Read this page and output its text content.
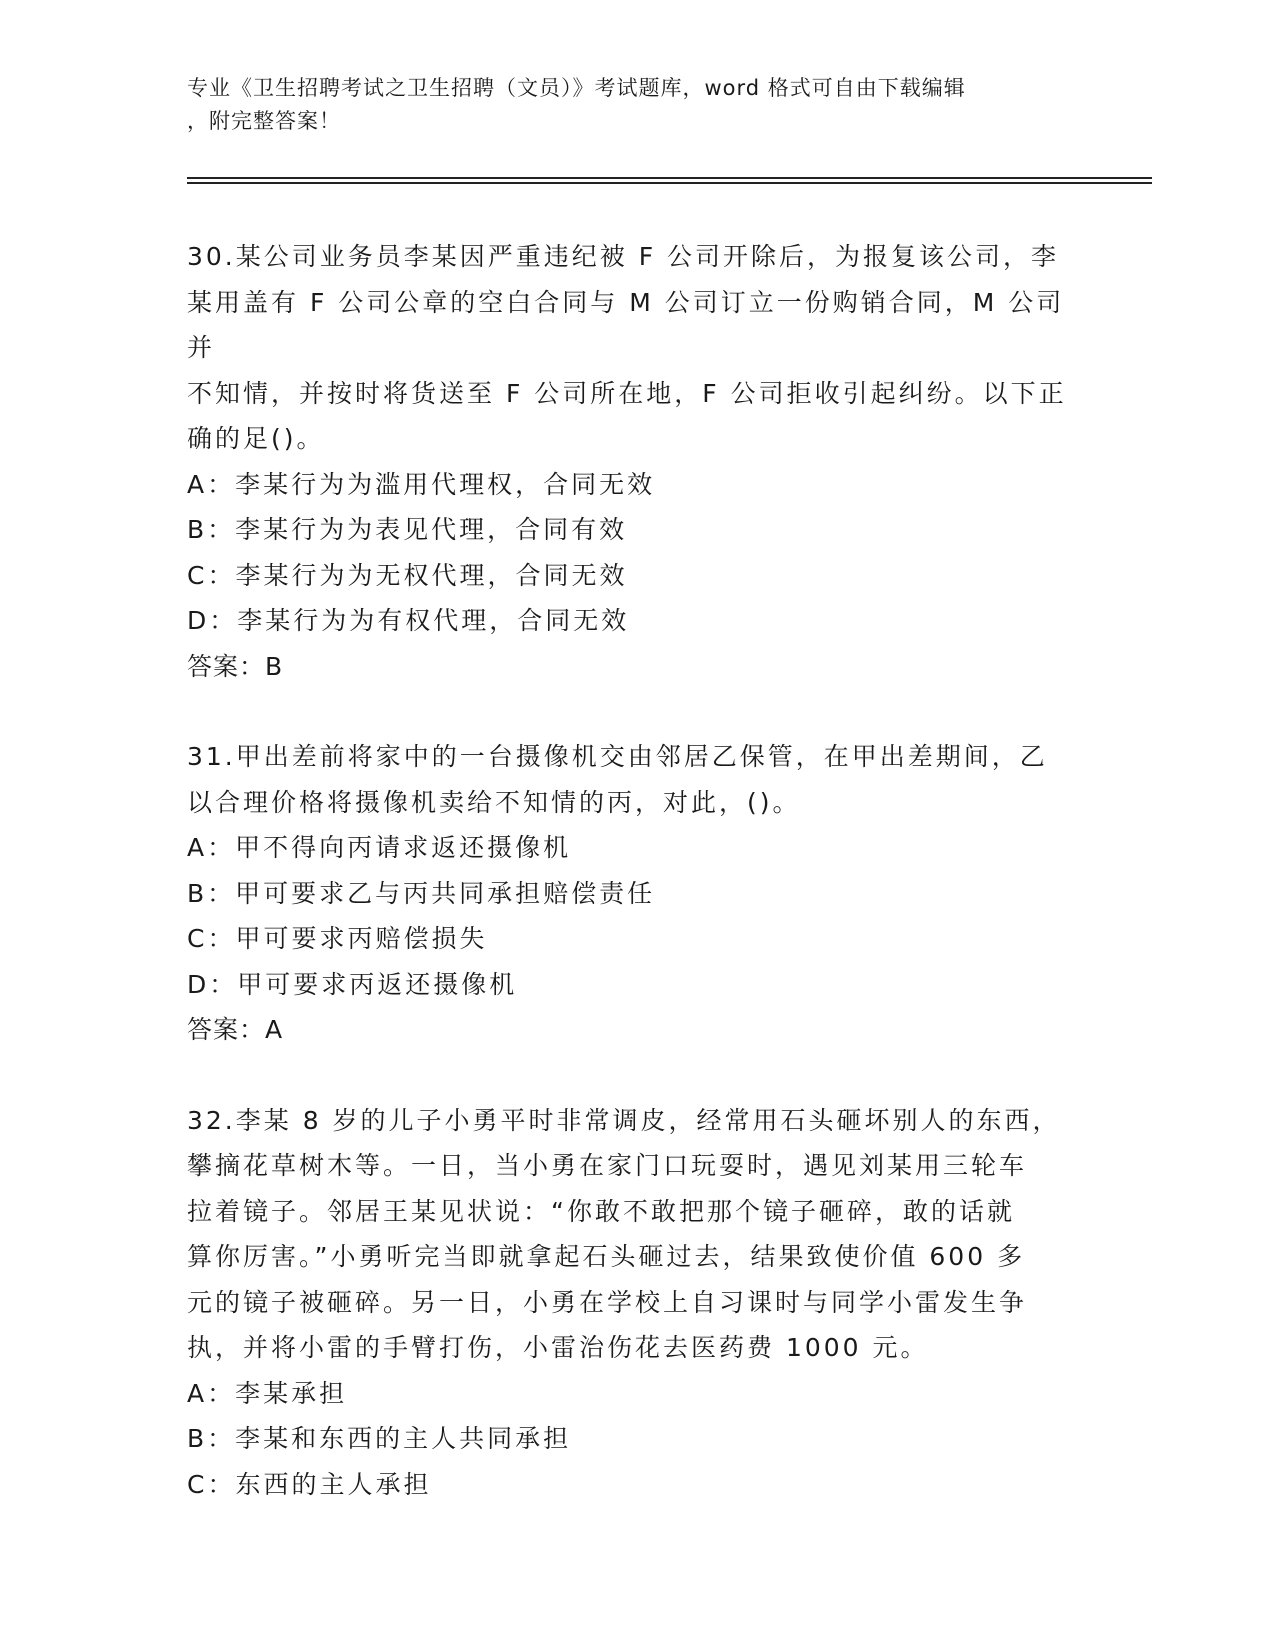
专业《卫生招聘考试之卫生招聘（文员）》考试题库，word 格式可自由下载编辑
，附完整答案！

30.某公司业务员李某因严重违纪被 F 公司开除后，为报复该公司，李

某用盖有 F 公司公章的空白合同与 M 公司订立一份购销合同，M 公司并

不知情，并按时将货送至 F 公司所在地，F 公司拒收引起纠纷。以下正

确的足()。

A：李某行为为滥用代理权，合同无效

B：李某行为为表见代理，合同有效

C：李某行为为无权代理，合同无效

D：李某行为为有权代理，合同无效

答案：B

31.甲出差前将家中的一台摄像机交由邻居乙保管，在甲出差期间，乙

以合理价格将摄像机卖给不知情的丙，对此，()。

A：甲不得向丙请求返还摄像机

B：甲可要求乙与丙共同承担赔偿责任

C：甲可要求丙赔偿损失

D：甲可要求丙返还摄像机

答案：A

32.李某 8 岁的儿子小勇平时非常调皮，经常用石头砸坏别人的东西，

攀摘花草树木等。一日，当小勇在家门口玩耍时，遇见刘某用三轮车

拉着镜子。邻居王某见状说：“你敢不敢把那个镜子砸碎，敢的话就

算你厉害。”小勇听完当即就拿起石头砸过去，结果致使价值 600 多

元的镜子被砸碎。另一日，小勇在学校上自习课时与同学小雷发生争

执，并将小雷的手臂打伤，小雷治伤花去医药费 1000 元。

A：李某承担

B：李某和东西的主人共同承担

C：东西的主人承担
